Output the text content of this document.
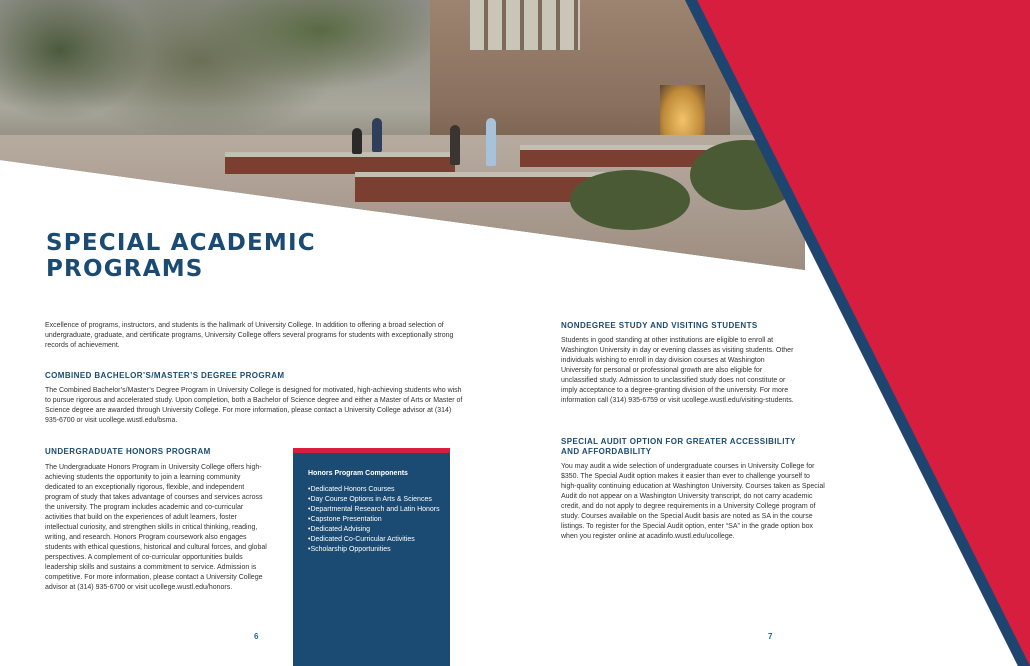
SPECIAL ACADEMIC PROGRAMS

Excellence of programs, instructors, and students is the hallmark of University College. In addition to offering a broad selection of undergraduate, graduate, and certificate programs, University College offers several programs for students with exceptionally strong records of achievement.

COMBINED BACHELOR’S/MASTER’S DEGREE PROGRAM

The Combined Bachelor’s/Master’s Degree Program in University College is designed for motivated, high-achieving students who wish to pursue rigorous and accelerated study. Upon completion, both a Bachelor of Science degree and either a Master of Arts or Master of Science degree are awarded through University College. For more information, please contact a University College advisor at (314) 935-6700 or visit ucollege.wustl.edu/bsma.

UNDERGRADUATE HONORS PROGRAM

The Undergraduate Honors Program in University College offers high-achieving students the opportunity to join a learning community dedicated to an exceptionally rigorous, flexible, and independent program of study that takes advantage of courses and services across the university. The program includes academic and co-curricular activities that build on the experiences of adult learners, foster intellectual curiosity, and strengthen skills in critical thinking, reading, writing, and research. Honors Program coursework also engages students with ethical questions, historical and cultural forces, and global perspectives. A complement of co-curricular opportunities builds leadership skills and sustains a commitment to service. Admission is competitive. For more information, please contact a University College advisor at (314) 935-6700 or visit ucollege.wustl.edu/honors.

Honors Program Components
• Dedicated Honors Courses
• Day Course Options in Arts & Sciences
• Departmental Research and Latin Honors
• Capstone Presentation
• Dedicated Advising
• Dedicated Co-Curricular Activities
• Scholarship Opportunities
NONDEGREE STUDY AND VISITING STUDENTS

Students in good standing at other institutions are eligible to enroll at Washington University in day or evening classes as visiting students. Other individuals wishing to enroll in day division courses at Washington University for personal or professional growth are also eligible for unclassified study. Admission to unclassified study does not constitute or imply acceptance to a degree-granting division of the university. For more information call (314) 935-6759 or visit ucollege.wustl.edu/visiting-students.

SPECIAL AUDIT OPTION FOR GREATER ACCESSIBILITY AND AFFORDABILITY

You may audit a wide selection of undergraduate courses in University College for $350. The Special Audit option makes it easier than ever to challenge yourself to high-quality continuing education at Washington University. Courses taken as Special Audit do not appear on a Washington University transcript, do not carry academic credit, and do not apply to degree requirements in a University College program of study. Courses available on the Special Audit basis are noted as SA in the course listings. To register for the Special Audit option, enter “SA” in the grade option box when you register online at acadinfo.wustl.edu/ucollege.

6	7
